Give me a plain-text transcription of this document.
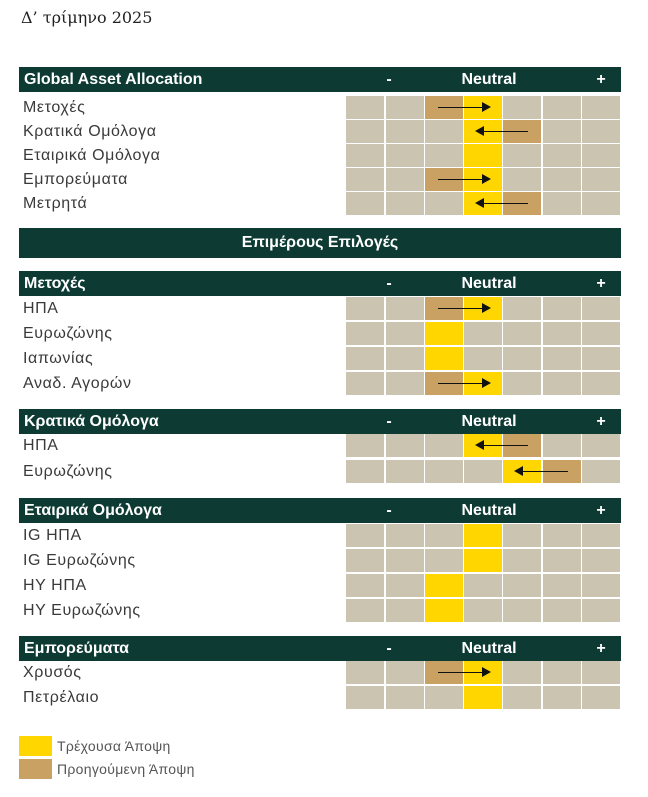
Δ’ τρίμηνο 2025
Επιμέρους Επιλογές
Global Asset Allocation	-	Neutral	+
Μετοχές
Κρατικά Ομόλογα
Εταιρικά Ομόλογα
Εμπορεύματα
Μετρητά
Μετοχές	-	Neutral	+
ΗΠΑ
Ευρωζώνης
Ιαπωνίας
Αναδ. Αγορών
Κρατικά Ομόλογα	-	Neutral	+
ΗΠΑ
Ευρωζώνης
Εταιρικά Ομόλογα	-	Neutral	+
IG ΗΠΑ
IG Ευρωζώνης
HY ΗΠΑ
HY Ευρωζώνης
Εμπορεύματα	-	Neutral	+
Χρυσός
Πετρέλαιο
Τρέχουσα Άποψη
Προηγούμενη Άποψη
